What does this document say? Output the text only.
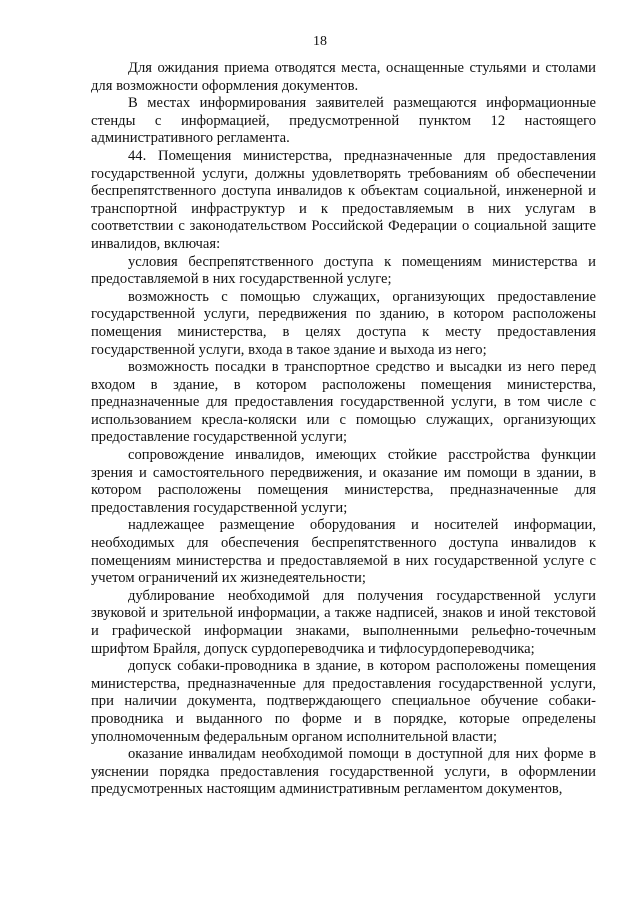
18

Для ожидания приема отводятся места, оснащенные стульями и столами для возможности оформления документов.

В местах информирования заявителей размещаются информационные стенды с информацией, предусмотренной пунктом 12 настоящего административного регламента.

44. Помещения министерства, предназначенные для предоставления государственной услуги, должны удовлетворять требованиям об обеспечении беспрепятственного доступа инвалидов к объектам социальной, инженерной и транспортной инфраструктур и к предоставляемым в них услугам в соответствии с законодательством Российской Федерации о социальной защите инвалидов, включая:

условия беспрепятственного доступа к помещениям министерства и предоставляемой в них государственной услуге;

возможность с помощью служащих, организующих предоставление государственной услуги, передвижения по зданию, в котором расположены помещения министерства, в целях доступа к месту предоставления государственной услуги, входа в такое здание и выхода из него;

возможность посадки в транспортное средство и высадки из него перед входом в здание, в котором расположены помещения министерства, предназначенные для предоставления государственной услуги, в том числе с использованием кресла-коляски или с помощью служащих, организующих предоставление государственной услуги;

сопровождение инвалидов, имеющих стойкие расстройства функции зрения и самостоятельного передвижения, и оказание им помощи в здании, в котором расположены помещения министерства, предназначенные для предоставления государственной услуги;

надлежащее размещение оборудования и носителей информации, необходимых для обеспечения беспрепятственного доступа инвалидов к помещениям министерства и предоставляемой в них государственной услуге с учетом ограничений их жизнедеятельности;

дублирование необходимой для получения государственной услуги звуковой и зрительной информации, а также надписей, знаков и иной текстовой и графической информации знаками, выполненными рельефно-точечным шрифтом Брайля, допуск сурдопереводчика и тифлосурдопереводчика;

допуск собаки-проводника в здание, в котором расположены помещения министерства, предназначенные для предоставления государственной услуги, при наличии документа, подтверждающего специальное обучение собаки-проводника и выданного по форме и в порядке, которые определены уполномоченным федеральным органом исполнительной власти;

оказание инвалидам необходимой помощи в доступной для них форме в уяснении порядка предоставления государственной услуги, в оформлении предусмотренных настоящим административным регламентом документов,
